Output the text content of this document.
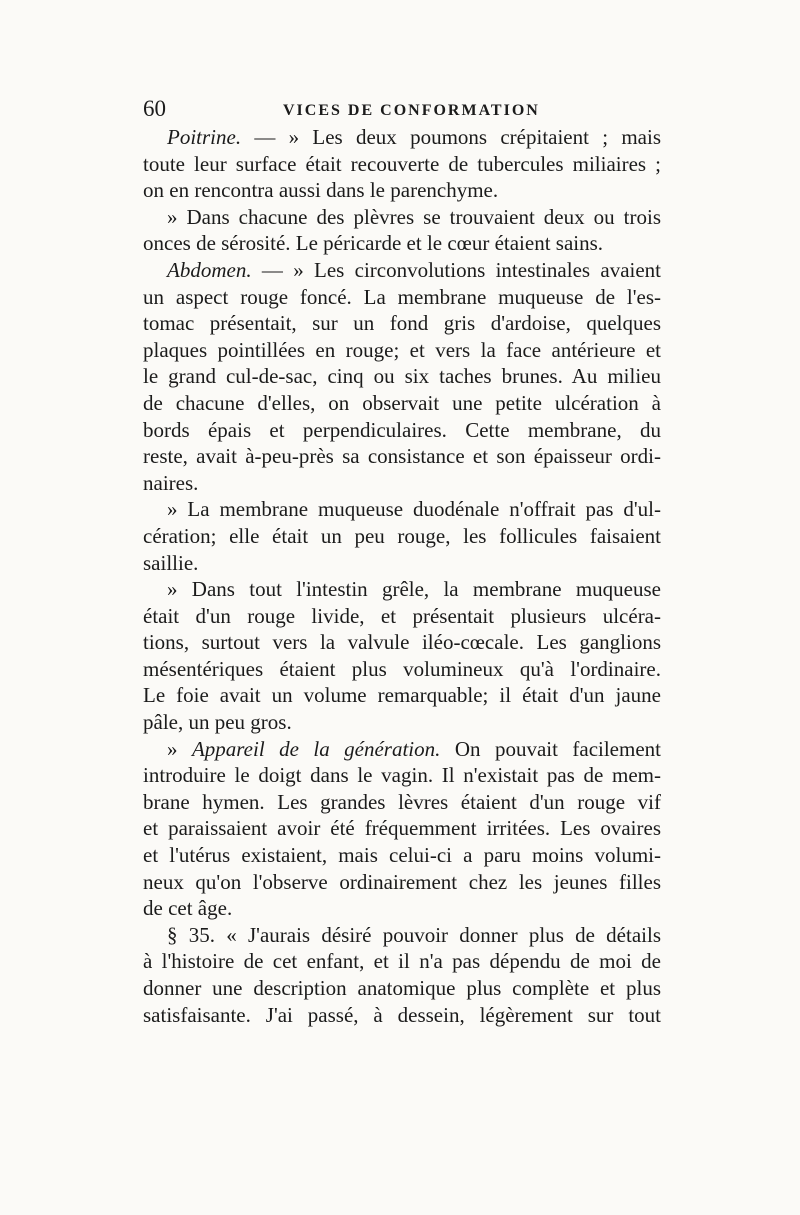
60	VICES DE CONFORMATION
Poitrine. — » Les deux poumons crépitaient ; mais
toute leur surface était recouverte de tubercules miliaires ;
on en rencontra aussi dans le parenchyme.
» Dans chacune des plèvres se trouvaient deux ou trois
onces de sérosité. Le péricarde et le cœur étaient sains.
Abdomen. — » Les circonvolutions intestinales avaient
un aspect rouge foncé. La membrane muqueuse de l'es-
tomac présentait, sur un fond gris d'ardoise, quelques
plaques pointillées en rouge; et vers la face antérieure et
le grand cul-de-sac, cinq ou six taches brunes. Au milieu
de chacune d'elles, on observait une petite ulcération à
bords épais et perpendiculaires. Cette membrane, du
reste, avait à-peu-près sa consistance et son épaisseur ordi-
naires.
» La membrane muqueuse duodénale n'offrait pas d'ul-
cération; elle était un peu rouge, les follicules faisaient
saillie.
» Dans tout l'intestin grêle, la membrane muqueuse
était d'un rouge livide, et présentait plusieurs ulcéra-
tions, surtout vers la valvule iléo-cœcale. Les ganglions
mésentériques étaient plus volumineux qu'à l'ordinaire.
Le foie avait un volume remarquable; il était d'un jaune
pâle, un peu gros.
» Appareil de la génération. On pouvait facilement
introduire le doigt dans le vagin. Il n'existait pas de mem-
brane hymen. Les grandes lèvres étaient d'un rouge vif
et paraissaient avoir été fréquemment irritées. Les ovaires
et l'utérus existaient, mais celui-ci a paru moins volumi-
neux qu'on l'observe ordinairement chez les jeunes filles
de cet âge.
§ 35. « J'aurais désiré pouvoir donner plus de détails
à l'histoire de cet enfant, et il n'a pas dépendu de moi de
donner une description anatomique plus complète et plus
satisfaisante. J'ai passé, à dessein, légèrement sur tout
